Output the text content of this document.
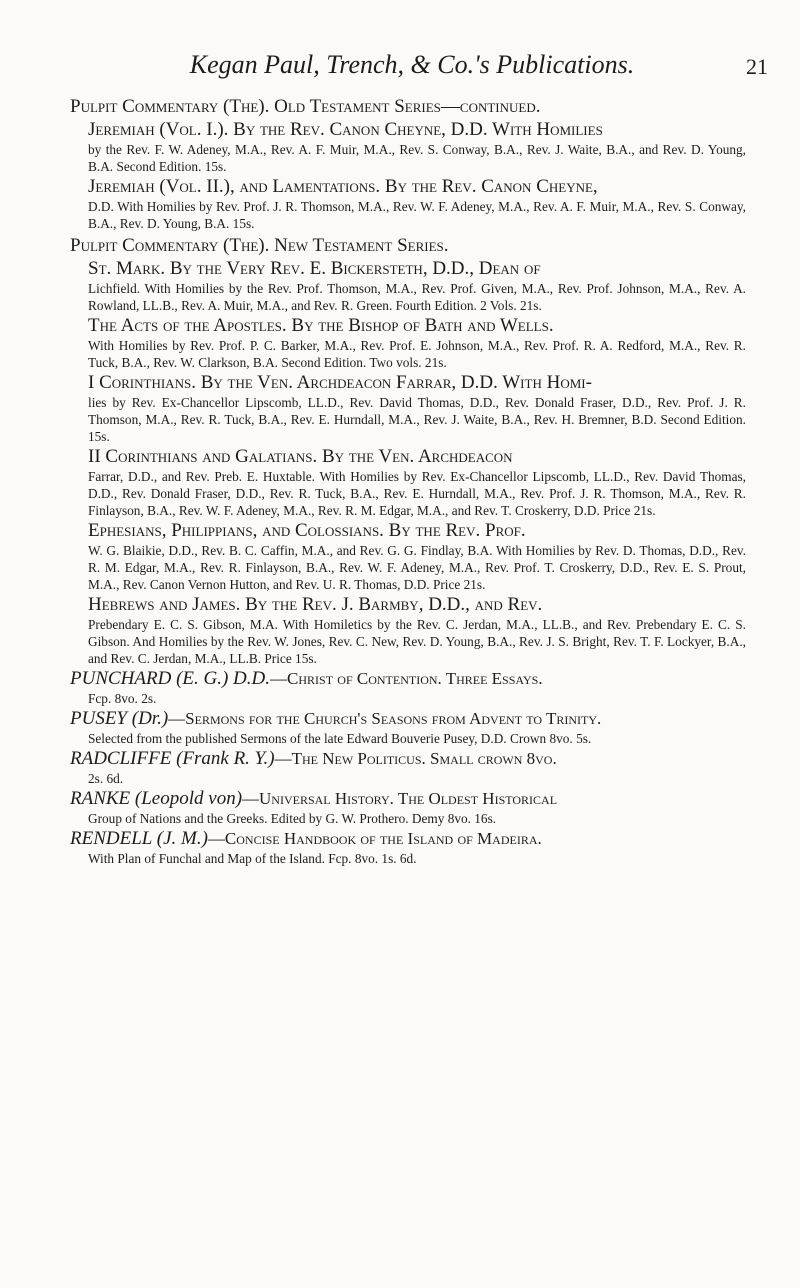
Kegan Paul, Trench, & Co.'s Publications.	21
Pulpit Commentary (The). Old Testament Series—continued.
Jeremiah (Vol. I.). By the Rev. Canon Cheyne, D.D. With Homilies
by the Rev. F. W. Adeney, M.A., Rev. A. F. Muir, M.A., Rev. S. Conway, B.A., Rev. J. Waite, B.A., and Rev. D. Young, B.A. Second Edition. 15s.
Jeremiah (Vol. II.), and Lamentations. By the Rev. Canon Cheyne,
D.D. With Homilies by Rev. Prof. J. R. Thomson, M.A., Rev. W. F. Adeney, M.A., Rev. A. F. Muir, M.A., Rev. S. Conway, B.A., Rev. D. Young, B.A. 15s.
Pulpit Commentary (The). New Testament Series.
St. Mark. By the Very Rev. E. Bickersteth, D.D., Dean of
Lichfield. With Homilies by the Rev. Prof. Thomson, M.A., Rev. Prof. Given, M.A., Rev. Prof. Johnson, M.A., Rev. A. Rowland, LL.B., Rev. A. Muir, M.A., and Rev. R. Green. Fourth Edition. 2 Vols. 21s.
The Acts of the Apostles. By the Bishop of Bath and Wells.
With Homilies by Rev. Prof. P. C. Barker, M.A., Rev. Prof. E. Johnson, M.A., Rev. Prof. R. A. Redford, M.A., Rev. R. Tuck, B.A., Rev. W. Clarkson, B.A. Second Edition. Two vols. 21s.
I Corinthians. By the Ven. Archdeacon Farrar, D.D. With Homi-
lies by Rev. Ex-Chancellor Lipscomb, LL.D., Rev. David Thomas, D.D., Rev. Donald Fraser, D.D., Rev. Prof. J. R. Thomson, M.A., Rev. R. Tuck, B.A., Rev. E. Hurndall, M.A., Rev. J. Waite, B.A., Rev. H. Bremner, B.D. Second Edition. 15s.
II Corinthians and Galatians. By the Ven. Archdeacon
Farrar, D.D., and Rev. Preb. E. Huxtable. With Homilies by Rev. Ex-Chancellor Lipscomb, LL.D., Rev. David Thomas, D.D., Rev. Donald Fraser, D.D., Rev. R. Tuck, B.A., Rev. E. Hurndall, M.A., Rev. Prof. J. R. Thomson, M.A., Rev. R. Finlayson, B.A., Rev. W. F. Adeney, M.A., Rev. R. M. Edgar, M.A., and Rev. T. Croskerry, D.D. Price 21s.
Ephesians, Philippians, and Colossians. By the Rev. Prof.
W. G. Blaikie, D.D., Rev. B. C. Caffin, M.A., and Rev. G. G. Findlay, B.A. With Homilies by Rev. D. Thomas, D.D., Rev. R. M. Edgar, M.A., Rev. R. Finlayson, B.A., Rev. W. F. Adeney, M.A., Rev. Prof. T. Croskerry, D.D., Rev. E. S. Prout, M.A., Rev. Canon Vernon Hutton, and Rev. U. R. Thomas, D.D. Price 21s.
Hebrews and James. By the Rev. J. Barmby, D.D., and Rev.
Prebendary E. C. S. Gibson, M.A. With Homiletics by the Rev. C. Jerdan, M.A., LL.B., and Rev. Prebendary E. C. S. Gibson. And Homilies by the Rev. W. Jones, Rev. C. New, Rev. D. Young, B.A., Rev. J. S. Bright, Rev. T. F. Lockyer, B.A., and Rev. C. Jerdan, M.A., LL.B. Price 15s.
PUNCHARD (E. G.) D.D.—Christ of Contention. Three Essays.
Fcp. 8vo. 2s.
PUSEY (Dr.)—Sermons for the Church's Seasons from Advent to Trinity.
Selected from the published Sermons of the late Edward Bouverie Pusey, D.D. Crown 8vo. 5s.
RADCLIFFE (Frank R. Y.)—The New Politicus. Small crown 8vo.
2s. 6d.
RANKE (Leopold von)—Universal History. The Oldest Historical
Group of Nations and the Greeks. Edited by G. W. Prothero. Demy 8vo. 16s.
RENDELL (J. M.)—Concise Handbook of the Island of Madeira.
With Plan of Funchal and Map of the Island. Fcp. 8vo. 1s. 6d.
